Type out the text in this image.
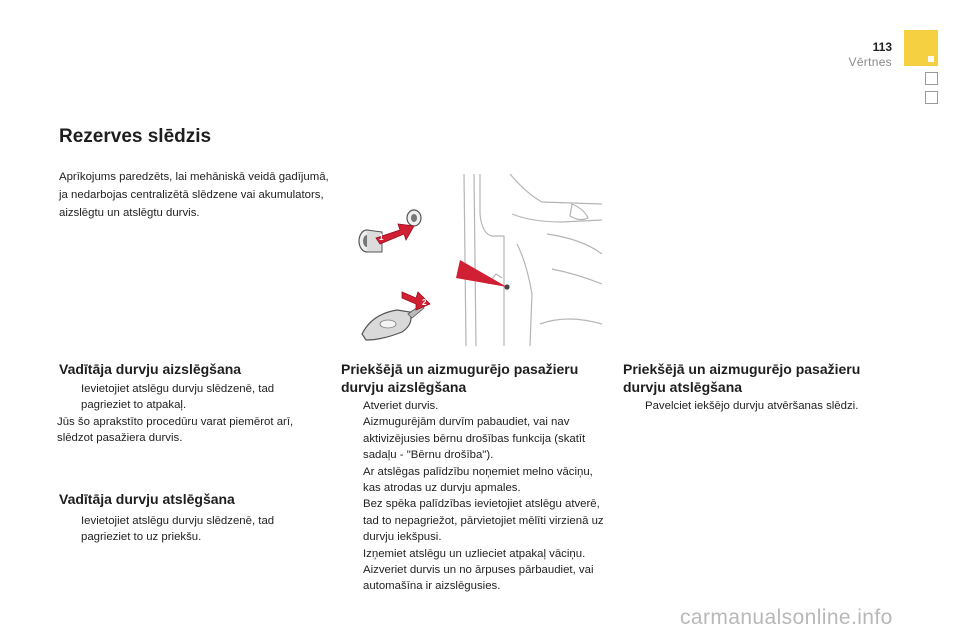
113
Vērtnes
Rezerves slēdzis

Aprīkojums paredzēts, lai mehāniskā veidā gadījumā, ja nedarbojas centralizētā slēdzene vai akumulators, aizslēgtu un atslēgtu durvis.

1
2
Vadītāja durvju aizslēgšana
Ievietojiet atslēgu durvju slēdzenē, tad pagrieziet to atpakaļ.

Jūs šo aprakstīto procedūru varat piemērot arī, slēdzot pasažiera durvis.

Vadītāja durvju atslēgšana
Ievietojiet atslēgu durvju slēdzenē, tad pagrieziet to uz priekšu.
Priekšējā un aizmugurējo pasažieru durvju aizslēgšana
Atveriet durvis.
Aizmugurējām durvīm pabaudiet, vai nav aktivizējusies bērnu drošības funkcija (skatīt sadaļu - "Bērnu drošība").
Ar atslēgas palīdzību noņemiet melno vāciņu, kas atrodas uz durvju apmales.
Bez spēka palīdzības ievietojiet atslēgu atverē, tad to nepagriežot, pārvietojiet mēlīti virzienā uz durvju iekšpusi.
Izņemiet atslēgu un uzlieciet atpakaļ vāciņu.
Aizveriet durvis un no ārpuses pārbaudiet, vai automašīna ir aizslēgusies.
Priekšējā un aizmugurējo pasažieru durvju atslēgšana
Pavelciet iekšējo durvju atvēršanas slēdzi.
carmanualsonline.info
